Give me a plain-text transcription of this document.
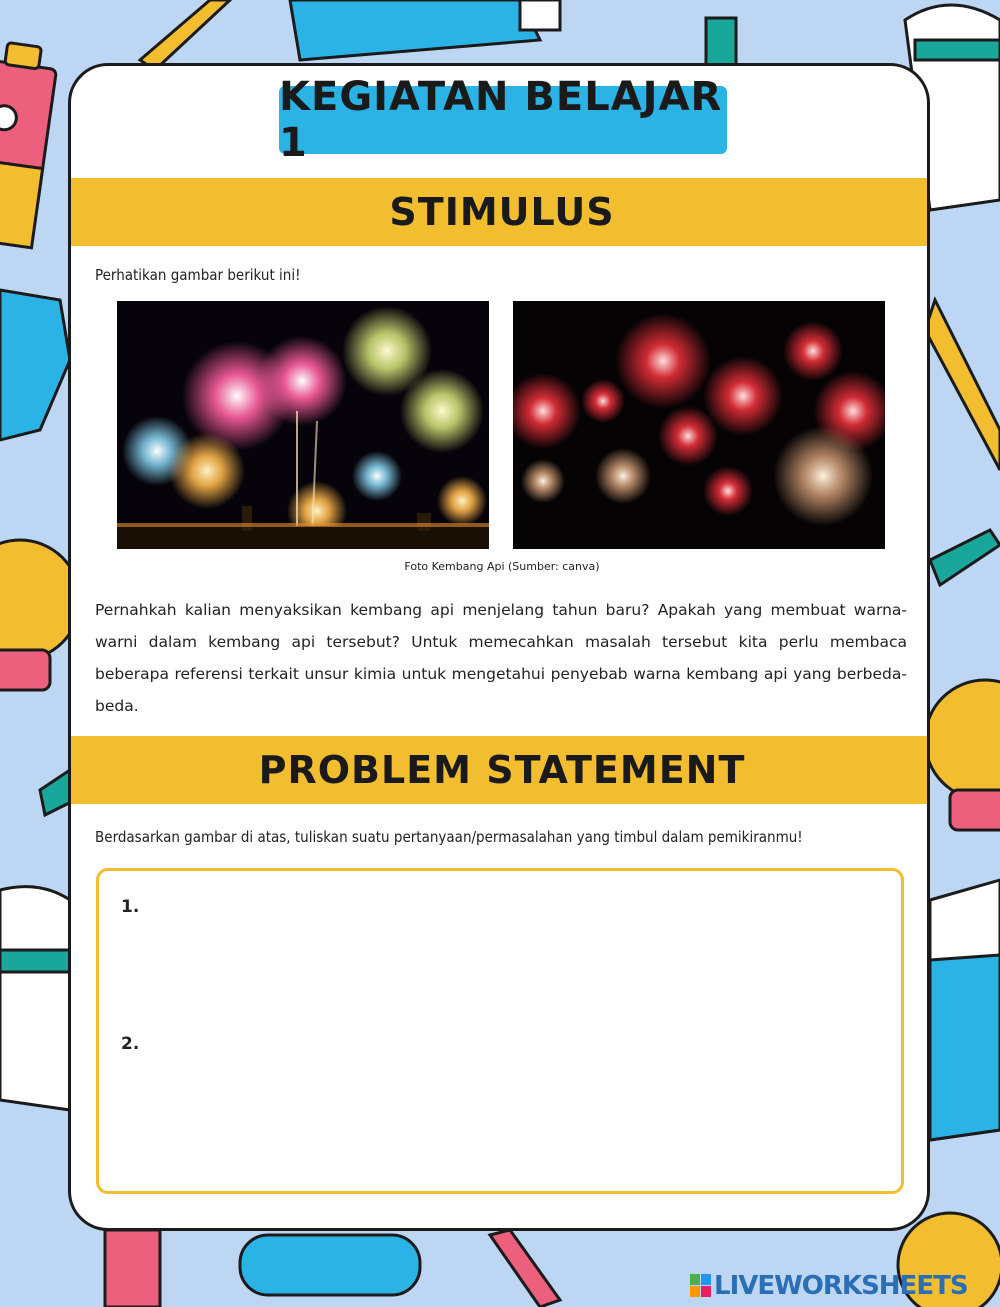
KEGIATAN BELAJAR 1
STIMULUS
Perhatikan gambar berikut ini!
Foto Kembang Api (Sumber: canva)
Pernahkah kalian menyaksikan kembang api menjelang tahun baru? Apakah yang membuat warna-warni dalam kembang api tersebut? Untuk memecahkan masalah tersebut kita perlu membaca beberapa referensi terkait unsur kimia untuk mengetahui penyebab warna kembang api yang berbeda-beda.
PROBLEM STATEMENT
Berdasarkan gambar di atas, tuliskan suatu pertanyaan/permasalahan yang timbul dalam pemikiranmu!
1.
2.
LIVEWORKSHEETS
